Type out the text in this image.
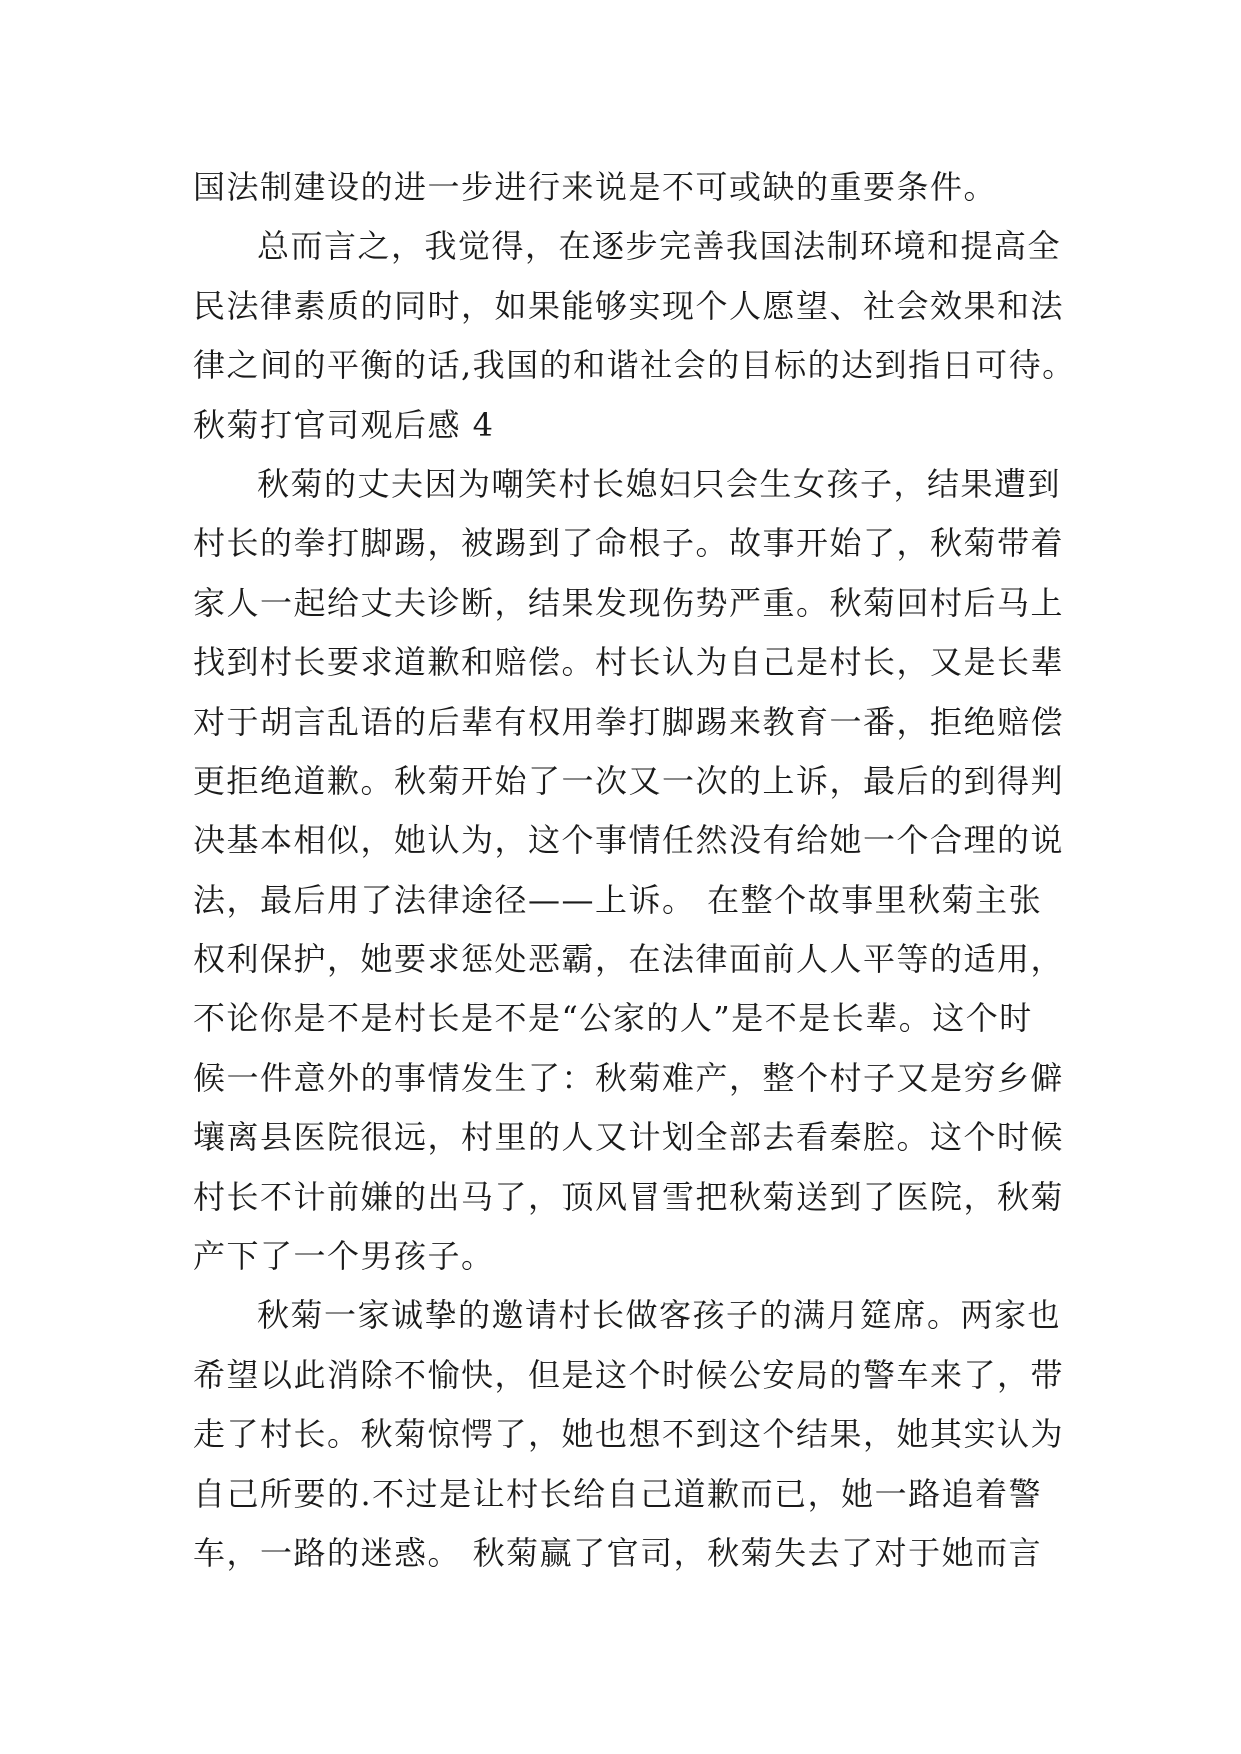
国法制建设的进一步进行来说是不可或缺的重要条件。
总而言之，我觉得，在逐步完善我国法制环境和提高全
民法律素质的同时，如果能够实现个人愿望、社会效果和法
律之间的平衡的话,我国的和谐社会的目标的达到指日可待。
秋菊打官司观后感 4
秋菊的丈夫因为嘲笑村长媳妇只会生女孩子，结果遭到
村长的拳打脚踢，被踢到了命根子。故事开始了，秋菊带着
家人一起给丈夫诊断，结果发现伤势严重。秋菊回村后马上
找到村长要求道歉和赔偿。村长认为自己是村长，又是长辈
对于胡言乱语的后辈有权用拳打脚踢来教育一番，拒绝赔偿
更拒绝道歉。秋菊开始了一次又一次的上诉，最后的到得判
决基本相似，她认为，这个事情任然没有给她一个合理的说
法，最后用了法律途径——上诉。 在整个故事里秋菊主张
权利保护，她要求惩处恶霸，在法律面前人人平等的适用，
不论你是不是村长是不是“公家的人”是不是长辈。这个时
候一件意外的事情发生了：秋菊难产，整个村子又是穷乡僻
壤离县医院很远，村里的人又计划全部去看秦腔。这个时候
村长不计前嫌的出马了，顶风冒雪把秋菊送到了医院，秋菊
产下了一个男孩子。
秋菊一家诚挚的邀请村长做客孩子的满月筵席。两家也
希望以此消除不愉快，但是这个时候公安局的警车来了，带
走了村长。秋菊惊愕了，她也想不到这个结果，她其实认为
自己所要的.不过是让村长给自己道歉而已，她一路追着警
车，一路的迷惑。 秋菊赢了官司，秋菊失去了对于她而言
